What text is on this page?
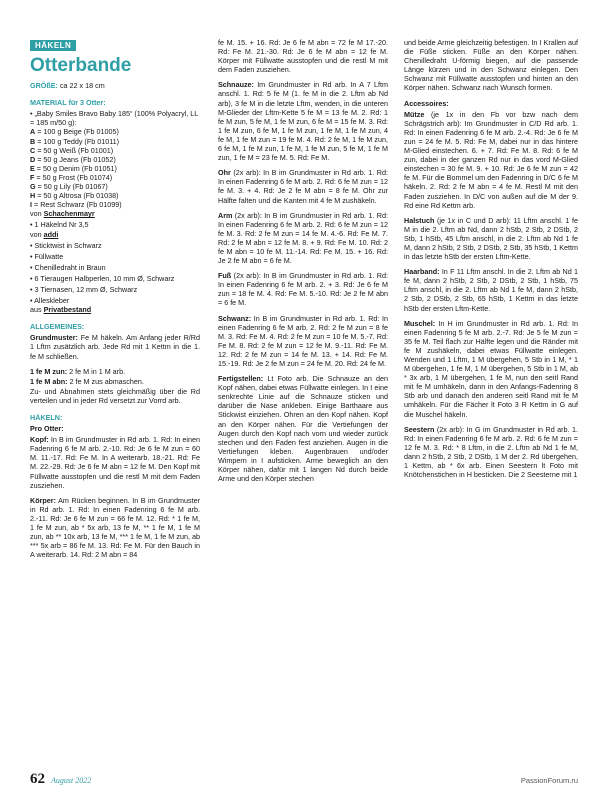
HÄKELN
Otterbande

GRÖßE: ca 22 x 18 cm

MATERIAL für 3 Otter:
• „Baby Smiles Bravo Baby 185“ (100% Polyacryl, LL = 185 m/50 g):
A = 100 g Beige (Fb 01005)
B = 100 g Teddy (Fb 01011)
C = 50 g Weiß (Fb 01001)
D = 50 g Jeans (Fb 01052)
E = 50 g Denim (Fb 01051)
F = 50 g Frost (Fb 01074)
G = 50 g Lily (Fb 01067)
H = 50 g Altrosa (Fb 01038)
I = Rest Schwarz (Fb 01099)
von Schachenmayr
• 1 Häkelnd Nr 3,5
von addi
• Sticktwist in Schwarz
• Füllwatte
• Chenilledraht in Braun
• 6 Tieraugen Halbperlen, 10 mm Ø, Schwarz
• 3 Tiernasen, 12 mm Ø, Schwarz
• Alleskleber
aus Privatbestand
ALLGEMEINES:

Grundmuster: Fe M häkeln. Am Anfang jeder R/Rd 1 Lftm zusätzlich arb. Jede Rd mit 1 Kettm in die 1. fe M schließen.

1 fe M zun: 2 fe M in 1 M arb.

1 fe M abn: 2 fe M zus abmaschen.

Zu- und Abnahmen stets gleichmäßig über die Rd verteilen und in jeder Rd versetzt zur Vorrd arb.

HÄKELN:
Pro Otter:

Kopf: In B im Grundmuster in Rd arb. 1. Rd: In einen Fadenring 6 fe M arb. 2.-10. Rd: Je 6 fe M zun = 60 M. 11.-17. Rd: Fe M. In A weiterarb. 18.-21. Rd: Fe M. 22.-29. Rd: Je 6 fe M abn = 12 fe M. Den Kopf mit Füllwatte ausstopfen und die restl M mit dem Faden zusziehen.

Körper: Am Rücken beginnen. In B im Grundmuster in Rd arb. 1. Rd: In einen Fadenring 6 fe M arb. 2.-11. Rd: Je 6 fe M zun = 66 fe M. 12. Rd: * 1 fe M, 1 fe M zun, ab * 5x arb, 13 fe M, ** 1 fe M, 1 fe M zun, ab ** 10x arb, 13 fe M, *** 1 fe M, 1 fe M zun, ab *** 5x arb = 86 fe M. 13. Rd: Fe M. Für den Bauch in A weiterarb. 14. Rd: 2 M abn = 84

fe M. 15. + 16. Rd: Je 6 fe M abn = 72 fe M 17.-20. Rd: Fe M. 21.-30. Rd: Je 6 fe M abn = 12 fe M. Körper mit Füllwatte ausstopfen und die restl M mit dem Faden zusziehen.

Schnauze: Im Grundmuster in Rd arb. In A 7 Lftm anschl. 1. Rd: 5 fe M (1. fe M in die 2. Lftm ab Nd arb), 3 fe M in die letzte Lftm, wenden, in die unteren M-Glieder der Lftm-Kette 5 fe M = 13 fe M. 2. Rd: 1 fe M zun, 5 fe M, 1 fe M zun, 6 fe M = 15 fe M. 3. Rd: 1 fe M zun, 6 fe M, 1 fe M zun, 1 fe M, 1 fe M zun, 4 fe M, 1 fe M zun = 19 fe M. 4. Rd: 2 fe M, 1 fe M zun, 6 fe M, 1 fe M zun, 1 fe M, 1 fe M zun, 5 fe M, 1 fe M zun, 1 fe M = 23 fe M. 5. Rd: Fe M.

Ohr (2x arb): In B im Grundmuster in Rd arb. 1. Rd: In einen Fadenring 6 fe M arb. 2. Rd: 6 fe M zun = 12 fe M. 3. + 4. Rd: Je 2 fe M abn = 8 fe M. Ohr zur Hälfte falten und die Kanten mit 4 fe M zushäkeln.

Arm (2x arb): In B im Grundmuster in Rd arb. 1. Rd: In einen Fadenring 6 fe M arb. 2. Rd: 6 fe M zun = 12 fe M. 3. Rd: 2 fe M zun = 14 fe M. 4.-6. Rd: Fe M. 7. Rd: 2 fe M abn = 12 fe M. 8. + 9. Rd: Fe M. 10. Rd: 2 fe M abn = 10 fe M. 11.-14. Rd: Fe M. 15. + 16. Rd: Je 2 fe M abn = 6 fe M.

Fuß (2x arb): In B im Grundmuster in Rd arb. 1. Rd: In einen Fadenring 6 fe M arb. 2. + 3. Rd: Je 6 fe M zun = 18 fe M. 4. Rd: Fe M. 5.-10. Rd: Je 2 fe M abn = 6 fe M.

Schwanz: In B im Grundmuster in Rd arb. 1. Rd: In einen Fadenring 6 fe M arb. 2. Rd: 2 fe M zun = 8 fe M. 3. Rd: Fe M. 4. Rd: 2 fe M zun = 10 fe M. 5.-7. Rd: Fe M. 8. Rd: 2 fe M zun = 12 fe M. 9.-11. Rd: Fe M. 12. Rd: 2 fe M zun = 14 fe M. 13. + 14. Rd: Fe M. 15.-19. Rd: Je 2 fe M zun = 24 fe M. 20. Rd: 24 fe M.

Fertigstellen: Lt Foto arb. Die Schnauze an den Kopf nähen, dabei etwas Füllwatte einlegen. In I eine senkrechte Linie auf die Schnauze sticken und darüber die Nase ankleben. Einige Barthaare aus Stickwist einziehen. Ohren an den Kopf nähen. Kopf an den Körper nähen. Für die Vertiefungen der Augen durch den Kopf nach vorn und wieder zurück stechen und den Faden fest anziehen. Augen in die Vertiefungen kleben. Augenbrauen und/oder Wimpern in I aufsticken. Arme beweglich an den Körper nähen, dafür mit 1 langen Nd durch beide Arme und den Körper stechen

und beide Arme gleichzeitig befestigen. In I Krallen auf die Füße sticken. Füße an den Körper nähen. Chenilledraht U-förmig biegen, auf die passende Länge kürzen und in den Schwanz einlegen. Den Schwanz mit Füllwatte ausstopfen und hinten an den Körper nähen. Schwanz nach Wunsch formen.

Accessoires:

Mütze (je 1x in den Fb vor bzw nach dem Schrägstrich arb): Im Grundmuster in C/D Rd arb. 1. Rd: In einen Fadenring 6 fe M arb. 2.-4. Rd: Je 6 fe M zun = 24 fe M. 5. Rd: Fe M, dabei nur in das hintere M-Glied einstechen. 6. + 7. Rd: Fe M. 8. Rd: 6 fe M zun, dabei in der ganzen Rd nur in das vord M-Glied einstechen = 30 fe M. 9. + 10. Rd: Je 6 fe M zun = 42 fe M. Für die Bommel um den Fadenring in D/C 6 fe M häkeln. 2. Rd: 2 fe M abn = 4 fe M. Restl M mit den Faden zusziehen. In D/C von außen auf die M der 9. Rd eine Rd Kettm arb.

Halstuch (je 1x in C und D arb): 11 Lftm anschl. 1 fe M in die 2. Lftm ab Nd, dann 2 hStb, 2 Stb, 2 DStb, 2 Stb, 1 hStb, 45 Lftm anschl, in die 2. Lftm ab Nd 1 fe M, dann 2 hStb, 2 Stb, 2 DStb, 2 Stb, 35 hStb, 1 Kettm in das letzte hStb der ersten Lftm-Kette.

Haarband: In F 11 Lftm anschl. In die 2. Lftm ab Nd 1 fe M, dann 2 hStb, 2 Stb, 2 DStb, 2 Stb, 1 hStb, 75 Lftm anschl, in die 2. Lftm ab Nd 1 fe M, dann 2 hStb, 2 Stb, 2 DStb, 2 Stb, 65 hStb, 1 Kettm in das letzte hStb der ersten Lftm-Kette.

Muschel: In H im Grundmuster in Rd arb. 1. Rd: In einen Fadenring 5 fe M arb. 2.-7. Rd: Je 5 fe M zun = 35 fe M. Teil flach zur Hälfte legen und die Ränder mit fe M zushäkeln, dabei etwas Füllwatte einlegen. Wenden und 1 Lftm, 1 M übergehen, 5 Stb in 1 M, * 1 M übergehen, 1 fe M, 1 M übergehen, 5 Stb in 1 M, ab * 3x arb, 1 M übergehen, 1 fe M, nun den seitl Rand mit fe M umhäkeln, dann in den Anfangs-Fadenring 8 Stb arb und danach den anderen seitl Rand mit fe M umhäkeln. Für die Fächer lt Foto 3 R Kettm in G auf die Muschel häkeln.

Seestern (2x arb): In G im Grundmuster in Rd arb. 1. Rd: In einen Fadenring 6 fe M arb. 2. Rd: 6 fe M zun = 12 fe M. 3. Rd: * 8 Lftm, in die 2. Lftm ab Nd 1 fe M, dann 2 hStb, 2 Stb, 2 DStb, 1 M der 2. Rd übergehen, 1 Kettm, ab * 6x arb. Einen Seestern lt Foto mit Knötchenstichen in H besticken. Die 2 Seesterne mit 1

62 August 2022	PassionForum.ru
